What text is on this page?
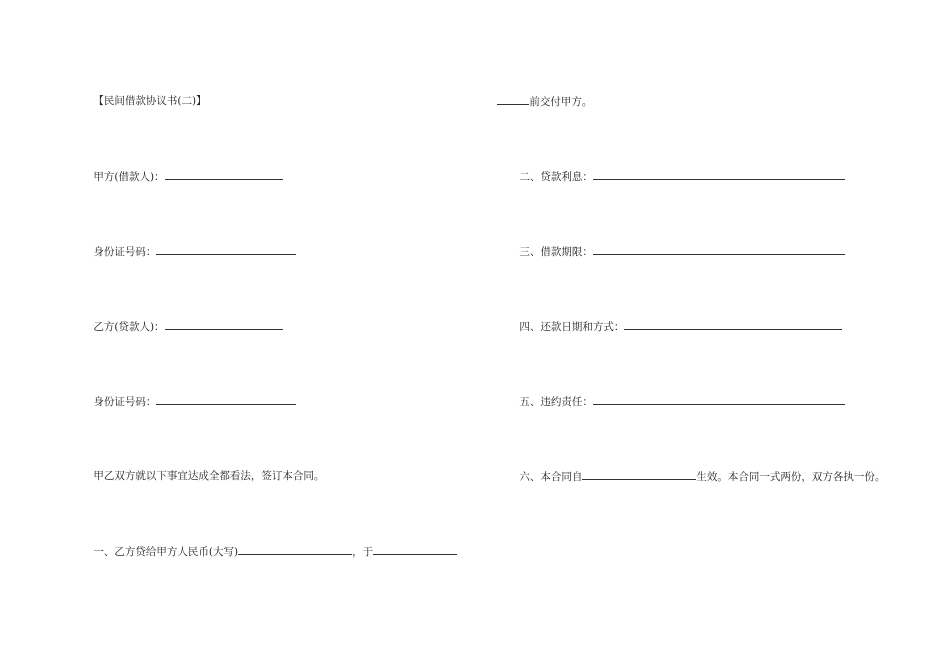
【民间借款协议书(二)】

甲方(借款人)：

身份证号码：

乙方(贷款人)：

身份证号码：

甲乙双方就以下事宜达成全都看法，签订本合同。

一、乙方贷给甲方人民币(大写)	，于

前交付甲方。

二、贷款利息：

三、借款期限：

四、还款日期和方式：

五、违约责任：

六、本合同自	生效。本合同一式两份，双方各执一份。
